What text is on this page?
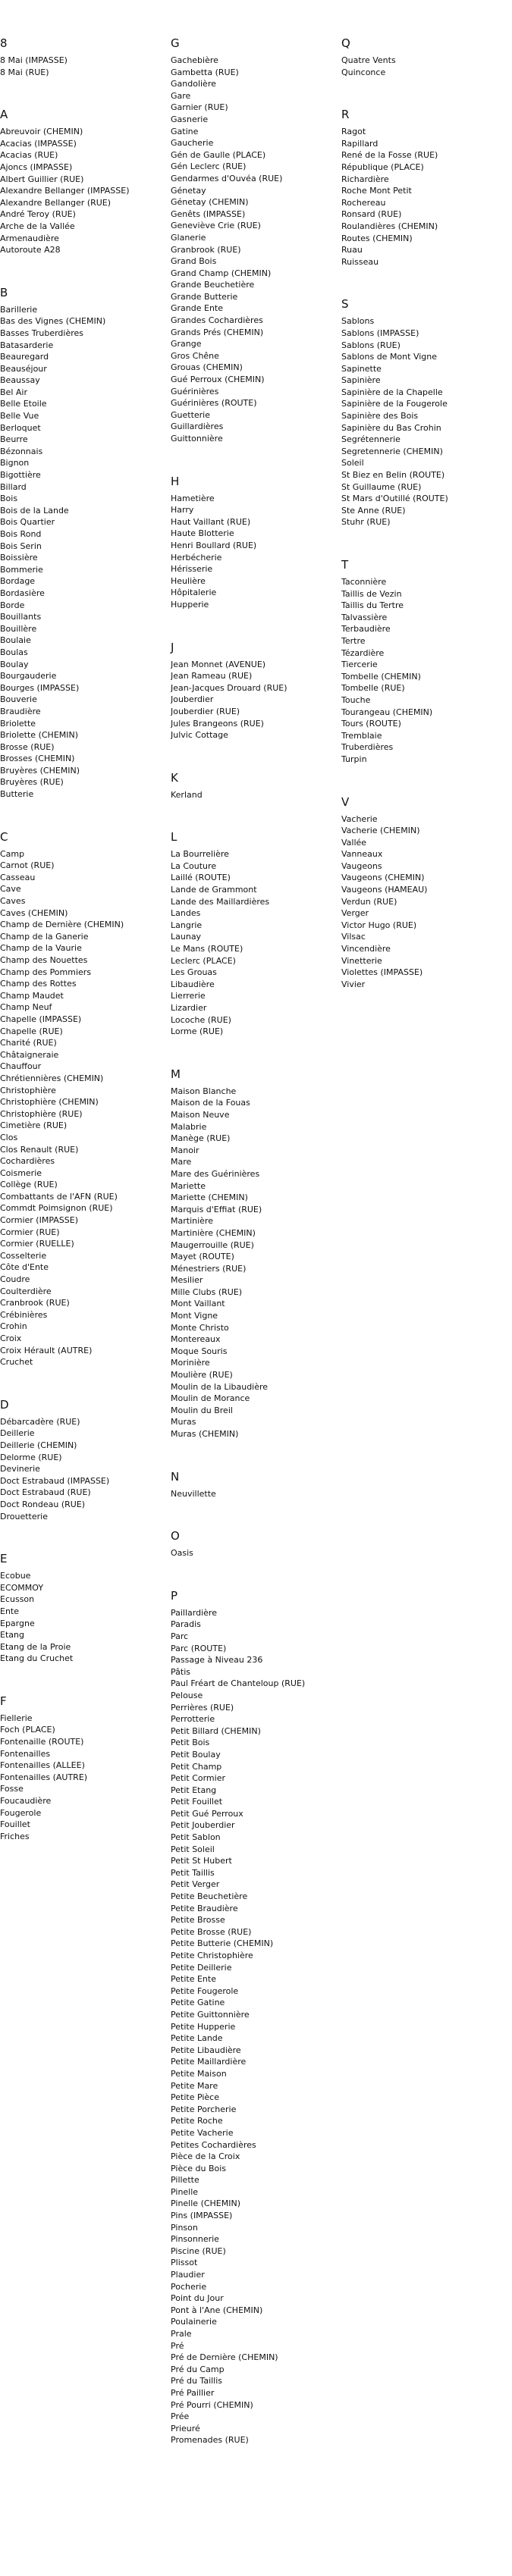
8
8 Mai (IMPASSE)
8 Mai (RUE)
A
Abreuvoir (CHEMIN)
Acacias (IMPASSE)
Acacias (RUE)
Ajoncs (IMPASSE)
Albert Guillier (RUE)
Alexandre Bellanger (IMPASSE)
Alexandre Bellanger (RUE)
André Teroy (RUE)
Arche de la Vallée
Armenaudière
Autoroute A28
B
Barillerie
Bas des Vignes (CHEMIN)
Basses Truberdières
Batasarderie
Beauregard
Beauséjour
Beaussay
Bel Air
Belle Etoile
Belle Vue
Berloquet
Beurre
Bézonnais
Bignon
Bigottière
Billard
Bois
Bois de la Lande
Bois Quartier
Bois Rond
Bois Serin
Boissière
Bommerie
Bordage
Bordasière
Borde
Bouillants
Bouillère
Boulaie
Boulas
Boulay
Bourgauderie
Bourges (IMPASSE)
Bouverie
Braudière
Briolette
Briolette (CHEMIN)
Brosse (RUE)
Brosses (CHEMIN)
Bruyères (CHEMIN)
Bruyères (RUE)
Butterie
C
Camp
Carnot (RUE)
Casseau
Cave
Caves
Caves (CHEMIN)
Champ de Dernière (CHEMIN)
Champ de la Ganerie
Champ de la Vaurie
Champ des Nouettes
Champ des Pommiers
Champ des Rottes
Champ Maudet
Champ Neuf
Chapelle (IMPASSE)
Chapelle (RUE)
Charité (RUE)
Châtaigneraie
Chauffour
Chrétiennières (CHEMIN)
Christophière
Christophière (CHEMIN)
Christophière (RUE)
Cimetière (RUE)
Clos
Clos Renault (RUE)
Cochardières
Coismerie
Collège (RUE)
Combattants de l'AFN (RUE)
Commdt Poimsignon (RUE)
Cormier (IMPASSE)
Cormier (RUE)
Cormier (RUELLE)
Cosselterie
Côte d'Ente
Coudre
Coulterdière
Cranbrook (RUE)
Crébinières
Crohin
Croix
Croix Hérault (AUTRE)
Cruchet
D
Débarcadère (RUE)
Deillerie
Deillerie (CHEMIN)
Delorme (RUE)
Devinerie
Doct Estrabaud (IMPASSE)
Doct Estrabaud (RUE)
Doct Rondeau (RUE)
Drouetterie
E
Ecobue
ECOMMOY
Ecusson
Ente
Epargne
Etang
Etang de la Proie
Etang du Cruchet
F
Fiellerie
Foch (PLACE)
Fontenaille (ROUTE)
Fontenailles
Fontenailles (ALLEE)
Fontenailles (AUTRE)
Fosse
Foucaudière
Fougerole
Fouillet
Friches
G
Gachebière
Gambetta (RUE)
Gandolière
Gare
Garnier (RUE)
Gasnerie
Gatine
Gaucherie
Gén de Gaulle (PLACE)
Gén Leclerc (RUE)
Gendarmes d'Ouvéa (RUE)
Génetay
Génetay (CHEMIN)
Genêts (IMPASSE)
Geneviève Crie (RUE)
Glanerie
Granbrook (RUE)
Grand Bois
Grand Champ (CHEMIN)
Grande Beuchetière
Grande Butterie
Grande Ente
Grandes Cochardières
Grands Prés (CHEMIN)
Grange
Gros Chêne
Grouas (CHEMIN)
Gué Perroux (CHEMIN)
Guérinières
Guérinières (ROUTE)
Guetterie
Guillardières
Guittonnière
H
Hametière
Harry
Haut Vaillant (RUE)
Haute Blotterie
Henri Boullard (RUE)
Herbécherie
Hérisserie
Heulière
Hôpitalerie
Hupperie
J
Jean Monnet (AVENUE)
Jean Rameau (RUE)
Jean-Jacques Drouard (RUE)
Jouberdier
Jouberdier (RUE)
Jules Brangeons (RUE)
Julvic Cottage
K
Kerland
L
La Bourrelière
La Couture
Laillé (ROUTE)
Lande de Grammont
Lande des Maillardières
Landes
Langrie
Launay
Le Mans (ROUTE)
Leclerc (PLACE)
Les Grouas
Libaudière
Lierrerie
Lizardier
Locoche (RUE)
Lorme (RUE)
M
Maison Blanche
Maison de la Fouas
Maison Neuve
Malabrie
Manège (RUE)
Manoir
Mare
Mare des Guérinières
Mariette
Mariette (CHEMIN)
Marquis d'Effiat (RUE)
Martinière
Martinière (CHEMIN)
Maugerrouille (RUE)
Mayet (ROUTE)
Ménestriers (RUE)
Mesilier
Mille Clubs (RUE)
Mont Vaillant
Mont Vigne
Monte Christo
Montereaux
Moque Souris
Morinière
Moulière (RUE)
Moulin de la Libaudière
Moulin de Morance
Moulin du Breil
Muras
Muras (CHEMIN)
N
Neuvillette
O
Oasis
P
Paillardière
Paradis
Parc
Parc (ROUTE)
Passage à Niveau 236
Pâtis
Paul Fréart de Chanteloup (RUE)
Pelouse
Perrières (RUE)
Perrotterie
Petit Billard (CHEMIN)
Petit Bois
Petit Boulay
Petit Champ
Petit Cormier
Petit Etang
Petit Fouillet
Petit Gué Perroux
Petit Jouberdier
Petit Sablon
Petit Soleil
Petit St Hubert
Petit Taillis
Petit Verger
Petite Beuchetière
Petite Braudière
Petite Brosse
Petite Brosse (RUE)
Petite Butterie (CHEMIN)
Petite Christophière
Petite Deillerie
Petite Ente
Petite Fougerole
Petite Gatine
Petite Guittonnière
Petite Hupperie
Petite Lande
Petite Libaudière
Petite Maillardière
Petite Maison
Petite Mare
Petite Pièce
Petite Porcherie
Petite Roche
Petite Vacherie
Petites Cochardières
Pièce de la Croix
Pièce du Bois
Pillette
Pinelle
Pinelle (CHEMIN)
Pins (IMPASSE)
Pinson
Pinsonnerie
Piscine (RUE)
Plissot
Plaudier
Pocherie
Point du Jour
Pont à l'Ane (CHEMIN)
Poulainerie
Prale
Pré
Pré de Dernière (CHEMIN)
Pré du Camp
Pré du Taillis
Pré Paillier
Pré Pourri (CHEMIN)
Prée
Prieuré
Promenades (RUE)
Q
Quatre Vents
Quinconce
R
Ragot
Rapillard
René de la Fosse (RUE)
République (PLACE)
Richardière
Roche Mont Petit
Rochereau
Ronsard (RUE)
Roulandières (CHEMIN)
Routes (CHEMIN)
Ruau
Ruisseau
S
Sablons
Sablons (IMPASSE)
Sablons (RUE)
Sablons de Mont Vigne
Sapinette
Sapinière
Sapinière de la Chapelle
Sapinière de la Fougerole
Sapinière des Bois
Sapinière du Bas Crohin
Segrétennerie
Segretennerie (CHEMIN)
Soleil
St Biez en Belin (ROUTE)
St Guillaume (RUE)
St Mars d'Outillé (ROUTE)
Ste Anne (RUE)
Stuhr (RUE)
T
Taconnière
Taillis de Vezin
Taillis du Tertre
Talvassière
Terbaudière
Tertre
Tézardière
Tiercerie
Tombelle (CHEMIN)
Tombelle (RUE)
Touche
Tourangeau (CHEMIN)
Tours (ROUTE)
Tremblaie
Truberdières
Turpin
V
Vacherie
Vacherie (CHEMIN)
Vallée
Vanneaux
Vaugeons
Vaugeons (CHEMIN)
Vaugeons (HAMEAU)
Verdun (RUE)
Verger
Victor Hugo (RUE)
Vilsac
Vincendière
Vinetterie
Violettes (IMPASSE)
Vivier
